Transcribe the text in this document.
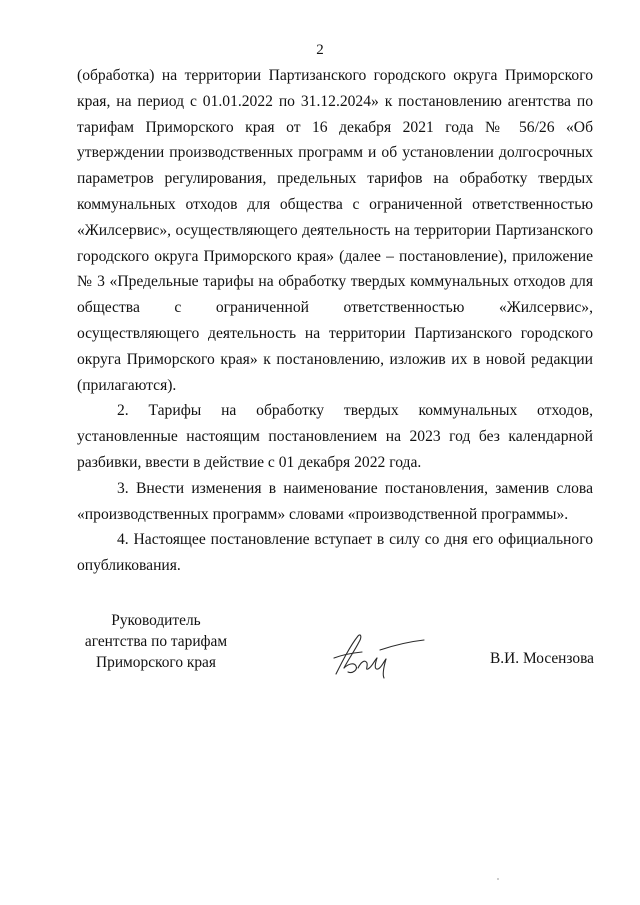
2

(обработка) на территории Партизанского городского округа Приморского края, на период с 01.01.2022 по 31.12.2024» к постановлению агентства по тарифам Приморского края от 16 декабря 2021 года № 56/26 «Об утверждении производственных программ и об установлении долгосрочных параметров регулирования, предельных тарифов на обработку твердых коммунальных отходов для общества с ограниченной ответственностью «Жилсервис», осуществляющего деятельность на территории Партизанского городского округа Приморского края» (далее – постановление), приложение № 3 «Предельные тарифы на обработку твердых коммунальных отходов для общества с ограниченной ответственностью «Жилсервис», осуществляющего деятельность на территории Партизанского городского округа Приморского края» к постановлению, изложив их в новой редакции (прилагаются).

2. Тарифы на обработку твердых коммунальных отходов, установленные настоящим постановлением на 2023 год без календарной разбивки, ввести в действие с 01 декабря 2022 года.

3. Внести изменения в наименование постановления, заменив слова «производственных программ» словами «производственной программы».

4. Настоящее постановление вступает в силу со дня его официального опубликования.

Руководитель
агентства по тарифам
Приморского края	В.И. Мосензова
